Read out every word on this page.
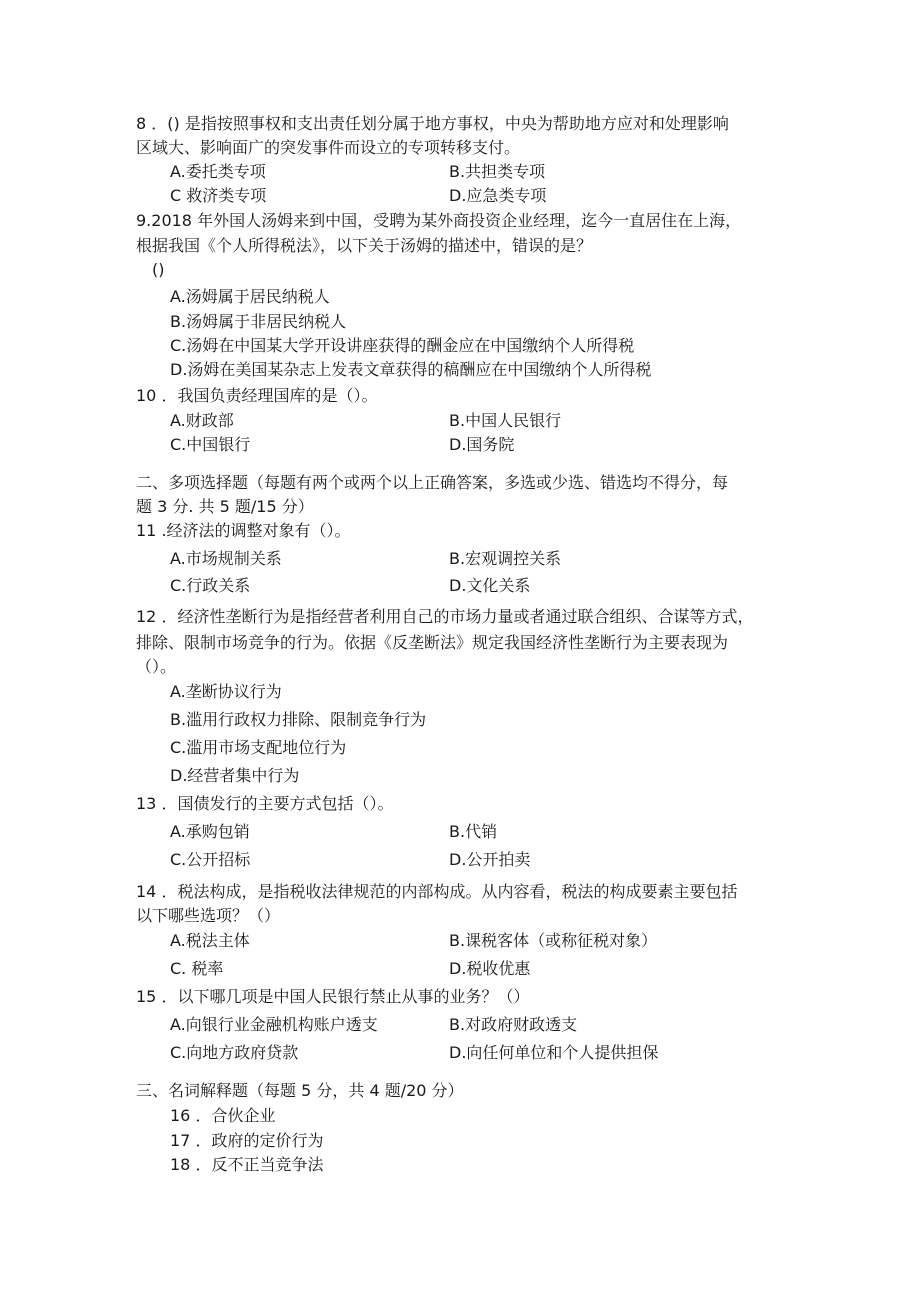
8 ．() 是指按照事权和支出责任划分属于地方事权，中央为帮助地方应对和处理影响
区域大、影响面广的突发事件而设立的专项转移支付。
A.委托类专项	B.共担类专项
C 救济类专项	D.应急类专项
9.2018 年外国人汤姆来到中国，受聘为某外商投资企业经理，迄今一直居住在上海，
根据我国《个人所得税法》，以下关于汤姆的描述中，错误的是？
()
A.汤姆属于居民纳税人
B.汤姆属于非居民纳税人
C.汤姆在中国某大学开设讲座获得的酬金应在中国缴纳个人所得税
D.汤姆在美国某杂志上发表文章获得的稿酬应在中国缴纳个人所得税
10 ．我国负责经理国库的是（）。
A.财政部	B.中国人民银行
C.中国银行	D.国务院
二、多项选择题（每题有两个或两个以上正确答案，多选或少选、错选均不得分，每
题 3 分. 共 5 题/15 分）
11 .经济法的调整对象有（）。
A.市场规制关系	B.宏观调控关系
C.行政关系	D.文化关系
12 ．经济性垄断行为是指经营者利用自己的市场力量或者通过联合组织、合谋等方式，
排除、限制市场竞争的行为。依据《反垄断法》规定我国经济性垄断行为主要表现为
（）。
A.垄断协议行为
B.滥用行政权力排除、限制竞争行为
C.滥用市场支配地位行为
D.经营者集中行为
13 ．国债发行的主要方式包括（）。
A.承购包销	B.代销
C.公开招标	D.公开拍卖
14 ．税法构成，是指税收法律规范的内部构成。从内容看，税法的构成要素主要包括
以下哪些选项？（）
A.税法主体	B.课税客体（或称征税对象）
C. 税率	D.税收优惠
15 ．以下哪几项是中国人民银行禁止从事的业务？（）
A.向银行业金融机构账户透支	B.对政府财政透支
C.向地方政府贷款	D.向任何单位和个人提供担保
三、名词解释题（每题 5 分，共 4 题/20 分）
16 ．合伙企业
17 ．政府的定价行为
18 ．反不正当竞争法
